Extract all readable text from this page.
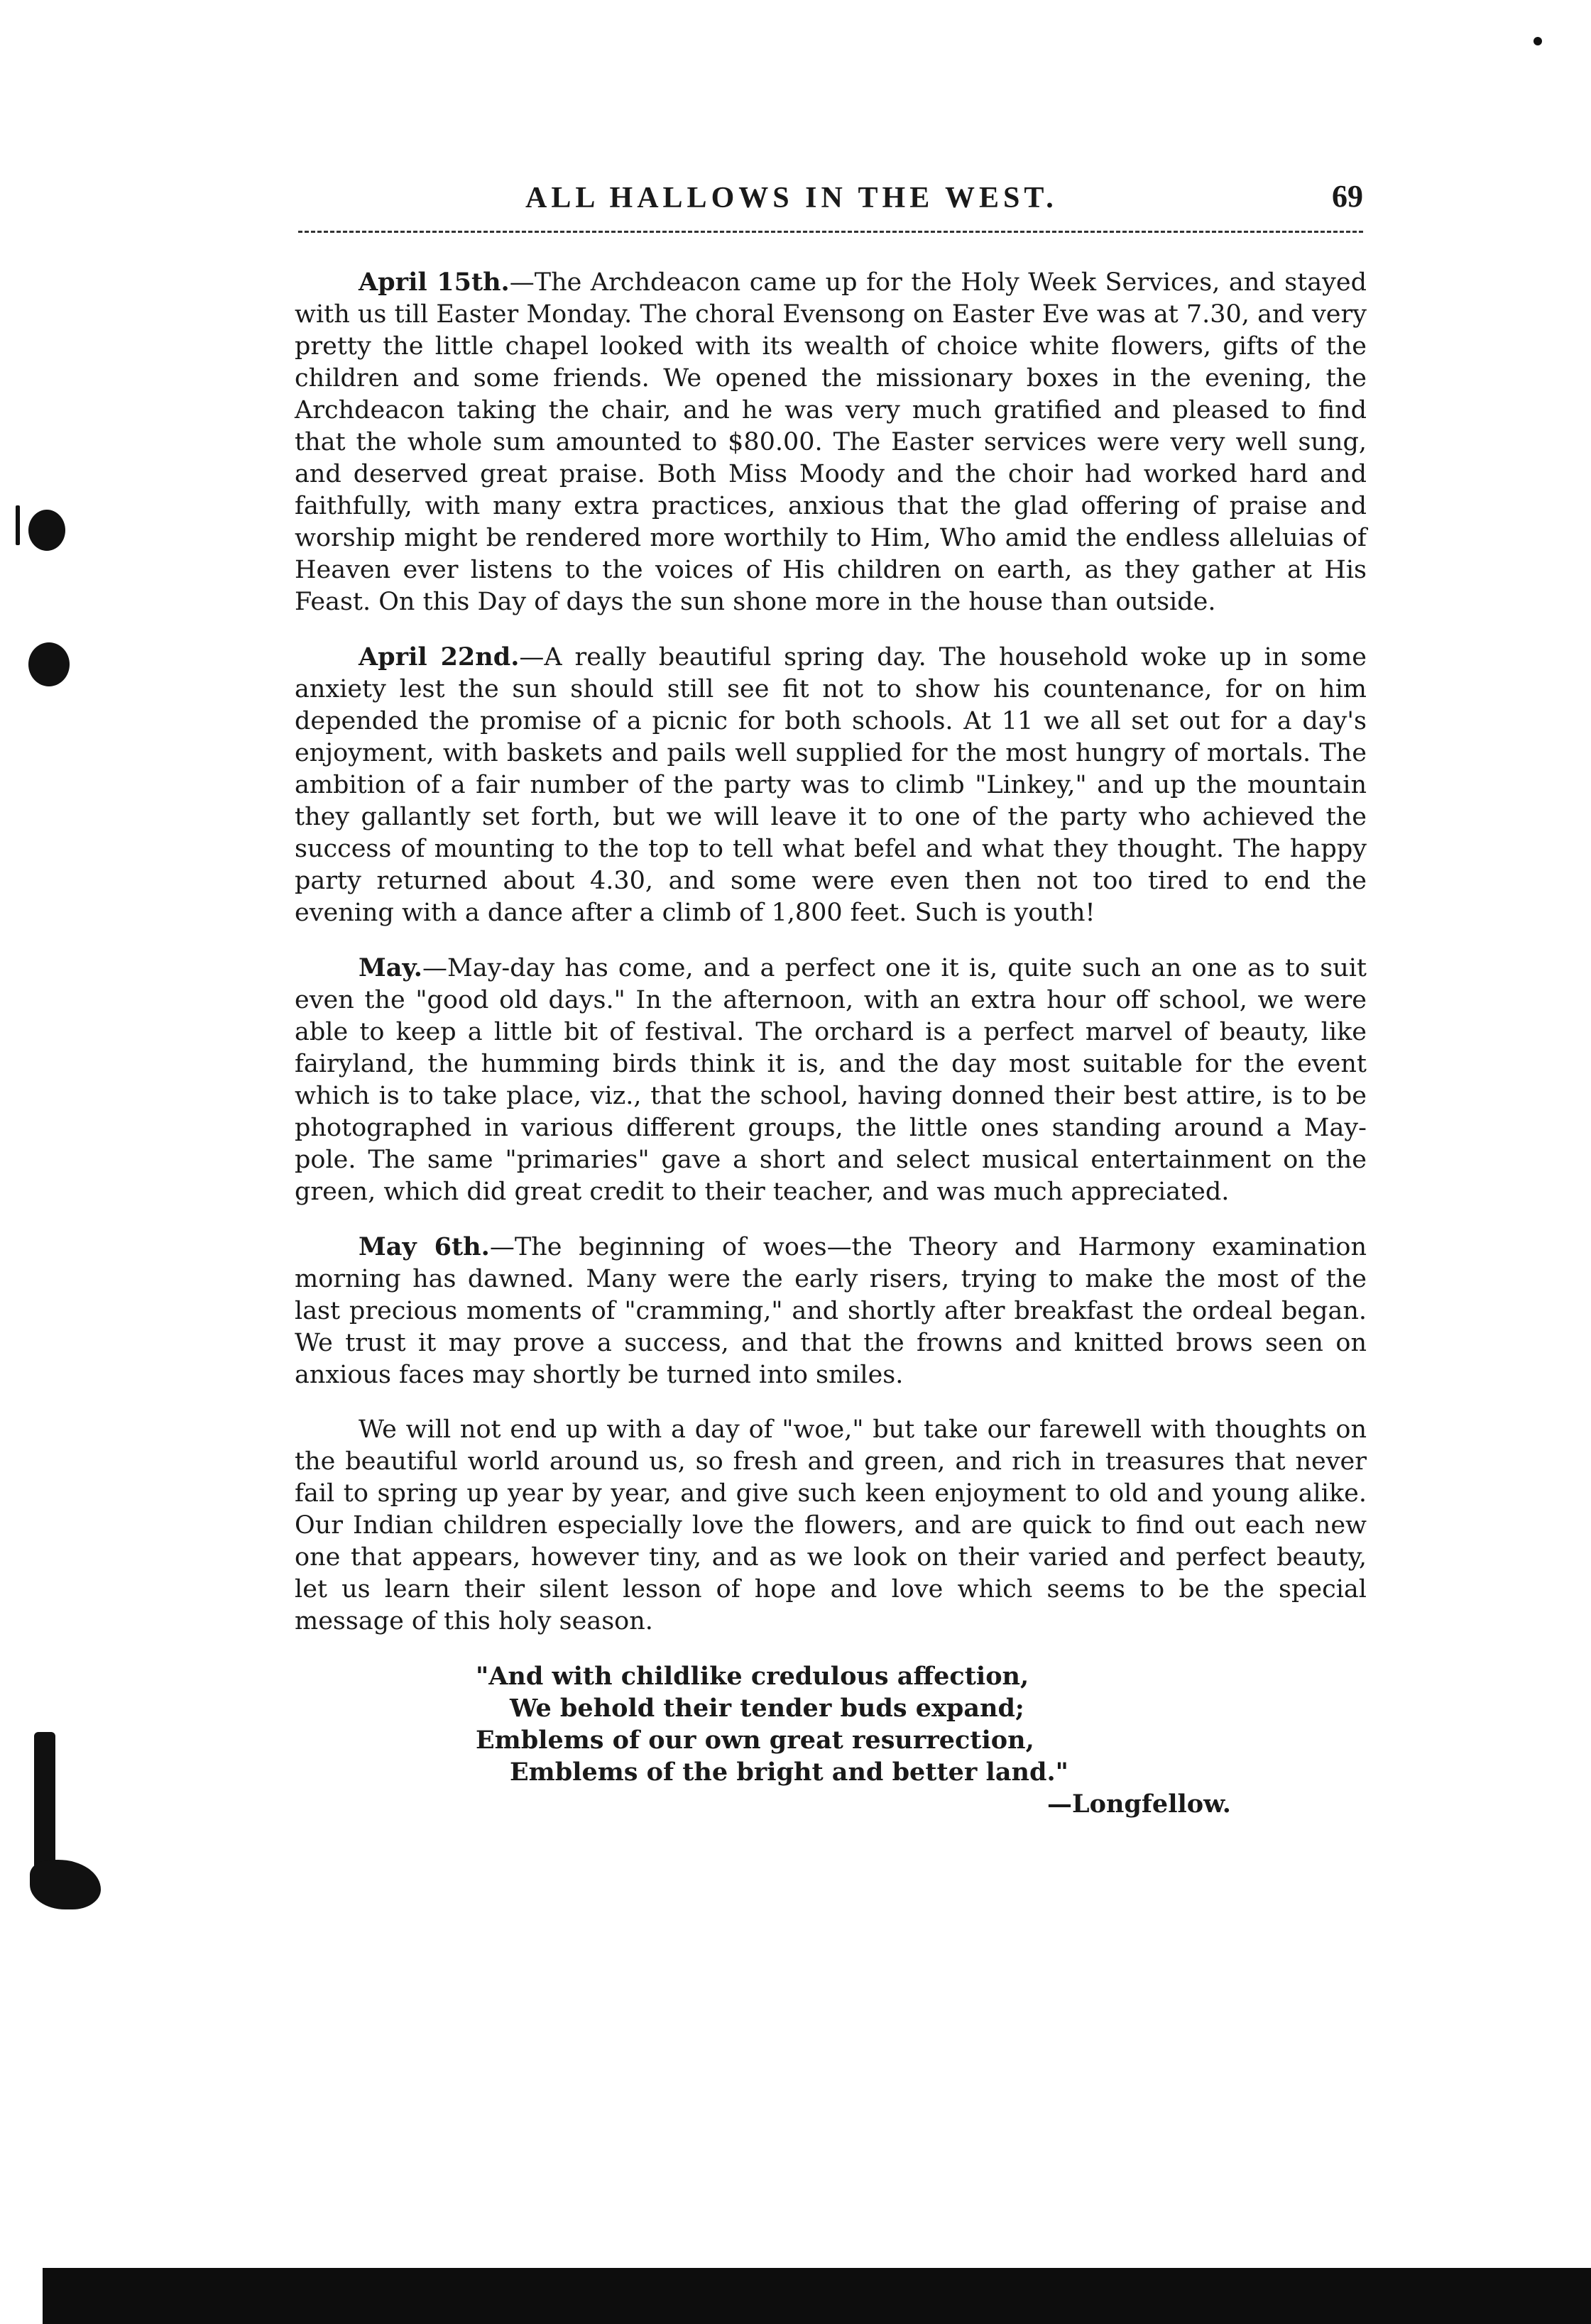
ALL HALLOWS IN THE WEST.	69

April 15th.—The Archdeacon came up for the Holy Week Services, and stayed with us till Easter Monday. The choral Evensong on Easter Eve was at 7.30, and very pretty the little chapel looked with its wealth of choice white flowers, gifts of the children and some friends. We opened the missionary boxes in the evening, the Archdeacon taking the chair, and he was very much gratified and pleased to find that the whole sum amounted to $80.00. The Easter services were very well sung, and deserved great praise. Both Miss Moody and the choir had worked hard and faithfully, with many extra practices, anxious that the glad offering of praise and worship might be rendered more worthily to Him, Who amid the endless alleluias of Heaven ever listens to the voices of His children on earth, as they gather at His Feast. On this Day of days the sun shone more in the house than outside.

April 22nd.—A really beautiful spring day. The household woke up in some anxiety lest the sun should still see fit not to show his countenance, for on him depended the promise of a picnic for both schools. At 11 we all set out for a day's enjoyment, with baskets and pails well supplied for the most hungry of mortals. The ambition of a fair number of the party was to climb "Linkey," and up the mountain they gallantly set forth, but we will leave it to one of the party who achieved the success of mounting to the top to tell what befel and what they thought. The happy party returned about 4.30, and some were even then not too tired to end the evening with a dance after a climb of 1,800 feet. Such is youth!

May.—May-day has come, and a perfect one it is, quite such an one as to suit even the "good old days." In the afternoon, with an extra hour off school, we were able to keep a little bit of festival. The orchard is a perfect marvel of beauty, like fairyland, the humming birds think it is, and the day most suitable for the event which is to take place, viz., that the school, having donned their best attire, is to be photographed in various different groups, the little ones standing around a May-pole. The same "primaries" gave a short and select musical entertainment on the green, which did great credit to their teacher, and was much appreciated.

May 6th.—The beginning of woes—the Theory and Harmony examination morning has dawned. Many were the early risers, trying to make the most of the last precious moments of "cramming," and shortly after breakfast the ordeal began. We trust it may prove a success, and that the frowns and knitted brows seen on anxious faces may shortly be turned into smiles.

We will not end up with a day of "woe," but take our farewell with thoughts on the beautiful world around us, so fresh and green, and rich in treasures that never fail to spring up year by year, and give such keen enjoyment to old and young alike. Our Indian children especially love the flowers, and are quick to find out each new one that appears, however tiny, and as we look on their varied and perfect beauty, let us learn their silent lesson of hope and love which seems to be the special message of this holy season.

"And with childlike credulous affection,
We behold their tender buds expand;
Emblems of our own great resurrection,
Emblems of the bright and better land."
—Longfellow.
